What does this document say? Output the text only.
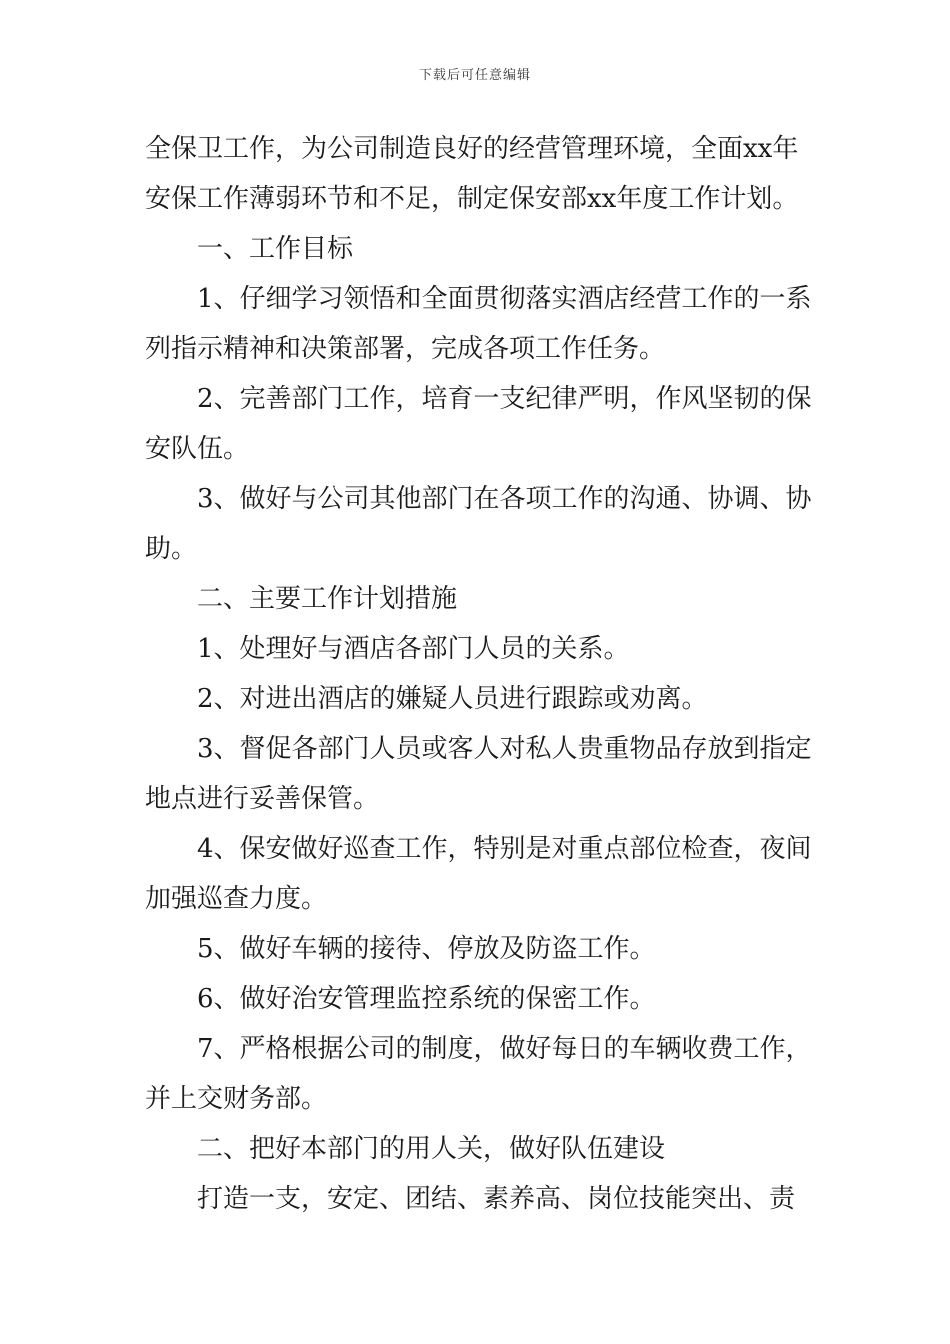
下载后可任意编辑
全保卫工作，为公司制造良好的经营管理环境，全面xx年
安保工作薄弱环节和不足，制定保安部xx年度工作计划。
一、工作目标
1、仔细学习领悟和全面贯彻落实酒店经营工作的一系
列指示精神和决策部署，完成各项工作任务。
2、完善部门工作，培育一支纪律严明，作风坚韧的保
安队伍。
3、做好与公司其他部门在各项工作的沟通、协调、协
助。
二、主要工作计划措施
1、处理好与酒店各部门人员的关系。
2、对进出酒店的嫌疑人员进行跟踪或劝离。
3、督促各部门人员或客人对私人贵重物品存放到指定
地点进行妥善保管。
4、保安做好巡查工作，特别是对重点部位检查，夜间
加强巡查力度。
5、做好车辆的接待、停放及防盗工作。
6、做好治安管理监控系统的保密工作。
7、严格根据公司的制度，做好每日的车辆收费工作，
并上交财务部。
二、把好本部门的用人关，做好队伍建设
打造一支，安定、团结、素养高、岗位技能突出、责
